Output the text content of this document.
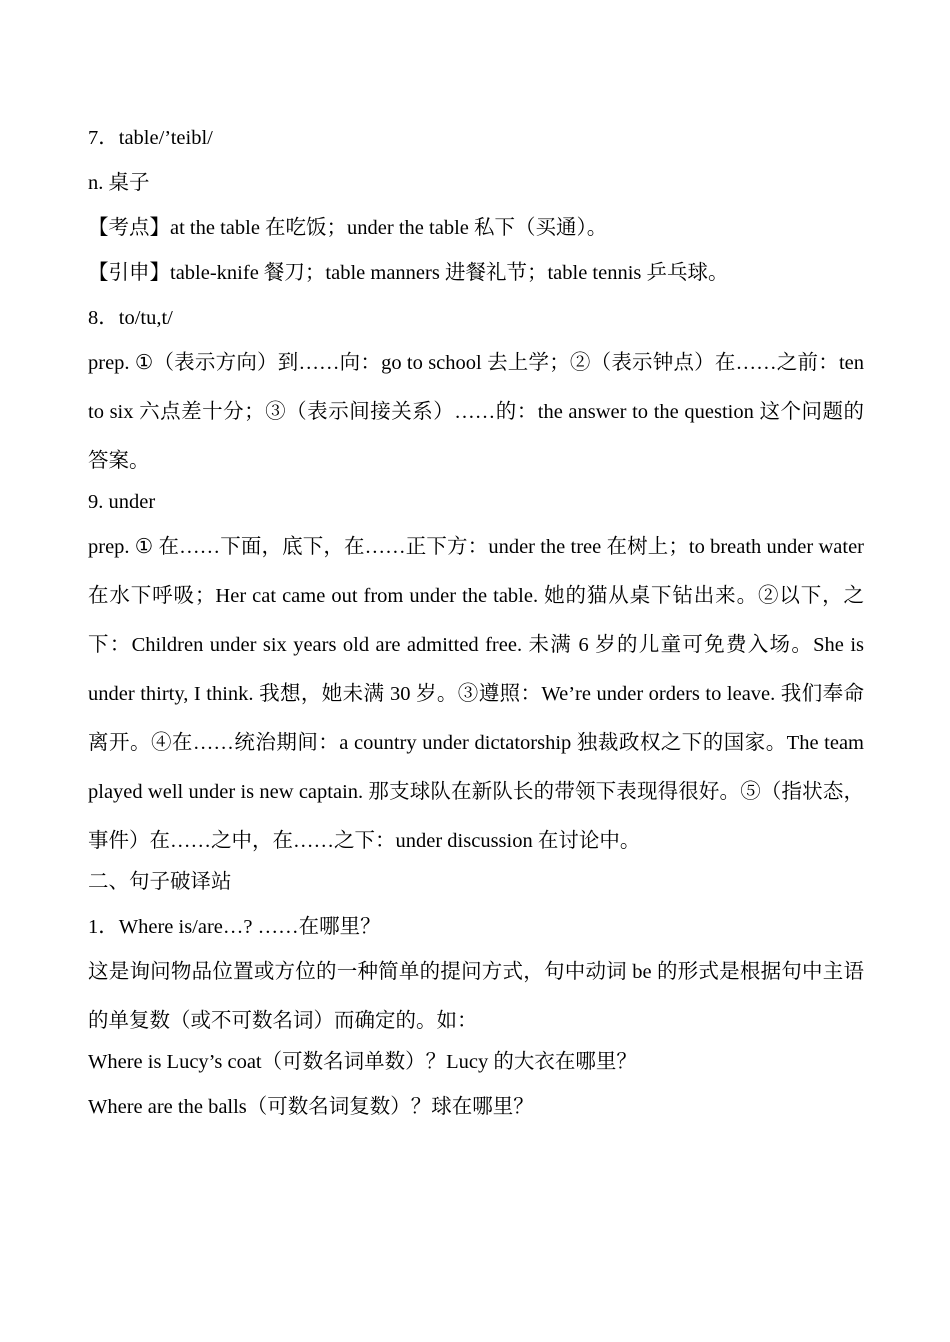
7．table/’teibl/

n. 桌子

【考点】at the table 在吃饭；under the table 私下（买通）。

【引申】table-knife 餐刀；table manners 进餐礼节；table tennis 乒乓球。

8．to/tu,t/

prep. ①（表示方向）到……向：go to school 去上学；②（表示钟点）在……之前：ten to six 六点差十分；③（表示间接关系）……的：the answer to the question 这个问题的答案。

9. under

prep. ① 在……下面，底下，在……正下方：under the tree 在树上；to breath under water 在水下呼吸；Her cat came out from under the table. 她的猫从桌下钻出来。②以下，之下：Children under six years old are admitted free. 未满 6 岁的儿童可免费入场。She is under thirty, I think. 我想，她未满 30 岁。③遵照：We’re under orders to leave. 我们奉命离开。④在……统治期间：a country under dictatorship 独裁政权之下的国家。The team played well under is new captain. 那支球队在新队长的带领下表现得很好。⑤（指状态，事件）在……之中，在……之下：under discussion 在讨论中。

二、句子破译站

1．Where is/are…? ……在哪里？

这是询问物品位置或方位的一种简单的提问方式，句中动词 be 的形式是根据句中主语的单复数（或不可数名词）而确定的。如：

Where is Lucy’s coat（可数名词单数）？Lucy 的大衣在哪里？

Where are the balls（可数名词复数）？球在哪里？
